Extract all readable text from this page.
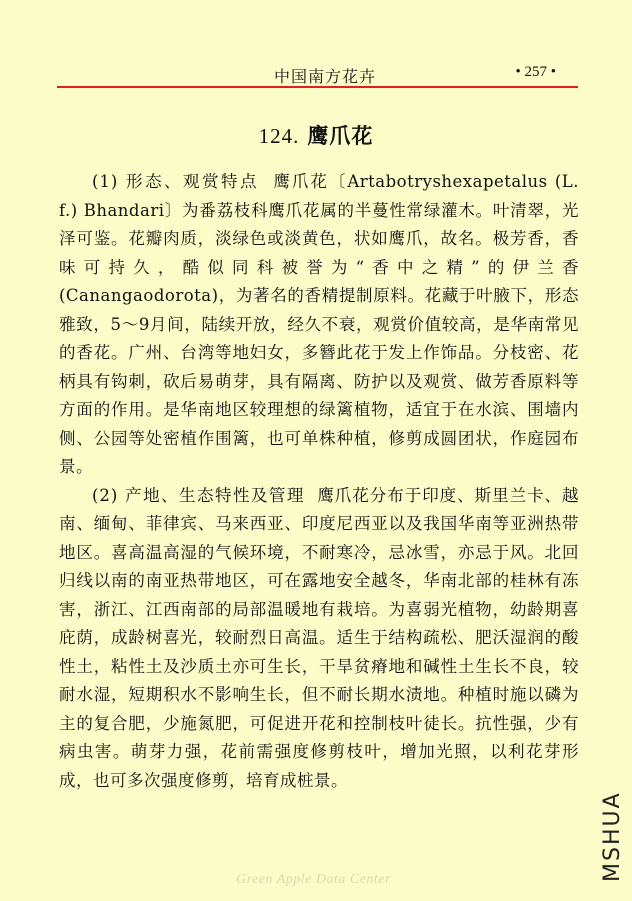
中国南方花卉	• 257 •
124. 鹰爪花

(1) 形态、观赏特点 鹰爪花〔Artabotryshexapetalus (L. f.) Bhandari〕为番荔枝科鹰爪花属的半蔓性常绿灌木。叶清翠，光泽可鉴。花瓣肉质，淡绿色或淡黄色，状如鹰爪，故名。极芳香，香味可持久，酷似同科被誉为“香中之精”的伊兰香 (Canangaodorota)，为著名的香精提制原料。花藏于叶腋下，形态雅致，5～9月间，陆续开放，经久不衰，观赏价值较高，是华南常见的香花。广州、台湾等地妇女，多簪此花于发上作饰品。分枝密、花柄具有钩刺，砍后易萌芽，具有隔离、防护以及观赏、做芳香原料等方面的作用。是华南地区较理想的绿篱植物，适宜于在水滨、围墙内侧、公园等处密植作围篱，也可单株种植，修剪成圆团状，作庭园布景。

(2) 产地、生态特性及管理 鹰爪花分布于印度、斯里兰卡、越南、缅甸、菲律宾、马来西亚、印度尼西亚以及我国华南等亚洲热带地区。喜高温高湿的气候环境，不耐寒冷，忌冰雪，亦忌于风。北回归线以南的南亚热带地区，可在露地安全越冬，华南北部的桂林有冻害，浙江、江西南部的局部温暖地有栽培。为喜弱光植物，幼龄期喜庇荫，成龄树喜光，较耐烈日高温。适生于结构疏松、肥沃湿润的酸性土，粘性土及沙质土亦可生长，干旱贫瘠地和碱性土生长不良，较耐水湿，短期积水不影响生长，但不耐长期水渍地。种植时施以磷为主的复合肥，少施氮肥，可促进开花和控制枝叶徒长。抗性强，少有病虫害。萌芽力强，花前需强度修剪枝叶，增加光照，以利花芽形成，也可多次强度修剪，培育成桩景。

MSHUA
Green Apple Data Center
